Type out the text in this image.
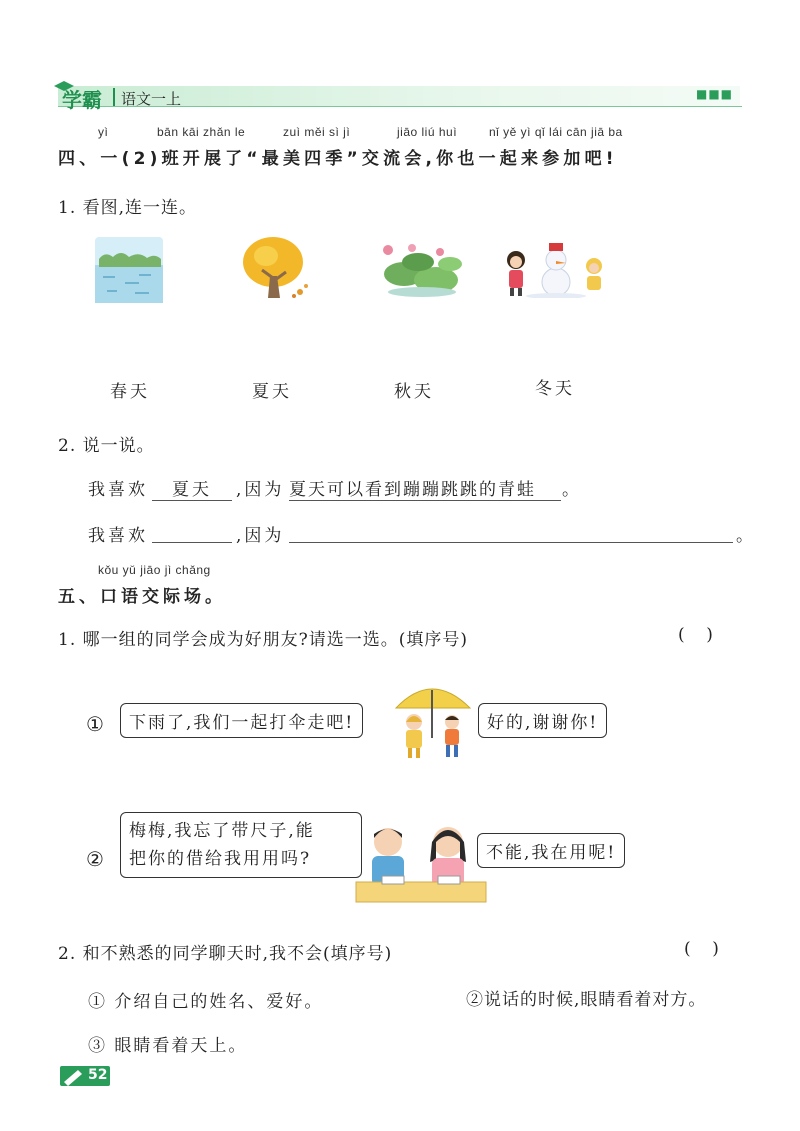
学霸 语文一上	■■■
yì	bān kāi zhǎn le	zuì měi sì jì	jiāo liú huì	nǐ yě yì qǐ lái cān jiā ba
四、一(2)班开展了“最美四季”交流会,你也一起来参加吧!
1. 看图,连一连。
春天	夏天	秋天	冬天
2. 说一说。
我喜欢	夏天	,因为 夏天可以看到蹦蹦跳跳的青蛙	。
我喜欢	,因为	。
kǒu yǔ jiāo jì chǎng
五、口语交际场。
1. 哪一组的同学会成为好朋友?请选一选。(填序号)	(    )
①	下雨了,我们一起打伞走吧!	好的,谢谢你!
②
梅梅,我忘了带尺子,能
把你的借给我用用吗?	不能,我在用呢!
2. 和不熟悉的同学聊天时,我不会(填序号)	(    )
① 介绍自己的姓名、爱好。	②说话的时候,眼睛看着对方。
③ 眼睛看着天上。
52
